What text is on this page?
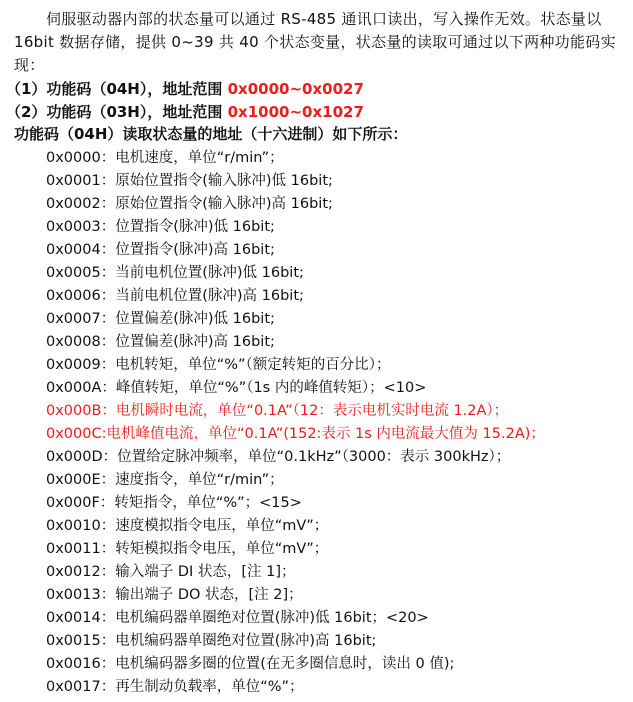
伺服驱动器内部的状态量可以通过 RS-485 通讯口读出，写入操作无效。状态量以 16bit 数据存储，提供 0~39 共 40 个状态变量，状态量的读取可通过以下两种功能码实现：

（1）功能码（04H），地址范围 0x0000~0x0027

（2）功能码（03H），地址范围 0x1000~0x1027

功能码（04H）读取状态量的地址（十六进制）如下所示：

0x0000：电机速度，单位“r/min”；
0x0001：原始位置指令(输入脉冲)低 16bit;
0x0002：原始位置指令(输入脉冲)高 16bit;
0x0003：位置指令(脉冲)低 16bit;
0x0004：位置指令(脉冲)高 16bit;
0x0005：当前电机位置(脉冲)低 16bit;
0x0006：当前电机位置(脉冲)高 16bit;
0x0007：位置偏差(脉冲)低 16bit;
0x0008：位置偏差(脉冲)高 16bit;
0x0009：电机转矩，单位“%”（额定转矩的百分比）；
0x000A：峰值转矩，单位“%”（1s 内的峰值转矩）；<10>
0x000B：电机瞬时电流，单位“0.1A”（12：表示电机实时电流 1.2A）；
0x000C:电机峰值电流，单位“0.1A”(152:表示 1s 内电流最大值为 15.2A)；
0x000D：位置给定脉冲频率，单位“0.1kHz”（3000：表示 300kHz）；
0x000E：速度指令，单位“r/min”；
0x000F：转矩指令，单位“%”；<15>
0x0010：速度模拟指令电压，单位“mV”；
0x0011：转矩模拟指令电压，单位“mV”；
0x0012：输入端子 DI 状态，[注 1]；
0x0013：输出端子 DO 状态，[注 2]；
0x0014：电机编码器单圈绝对位置(脉冲)低 16bit；<20>
0x0015：电机编码器单圈绝对位置(脉冲)高 16bit;
0x0016：电机编码器多圈的位置(在无多圈信息时，读出 0 值);
0x0017：再生制动负载率，单位“%”；
